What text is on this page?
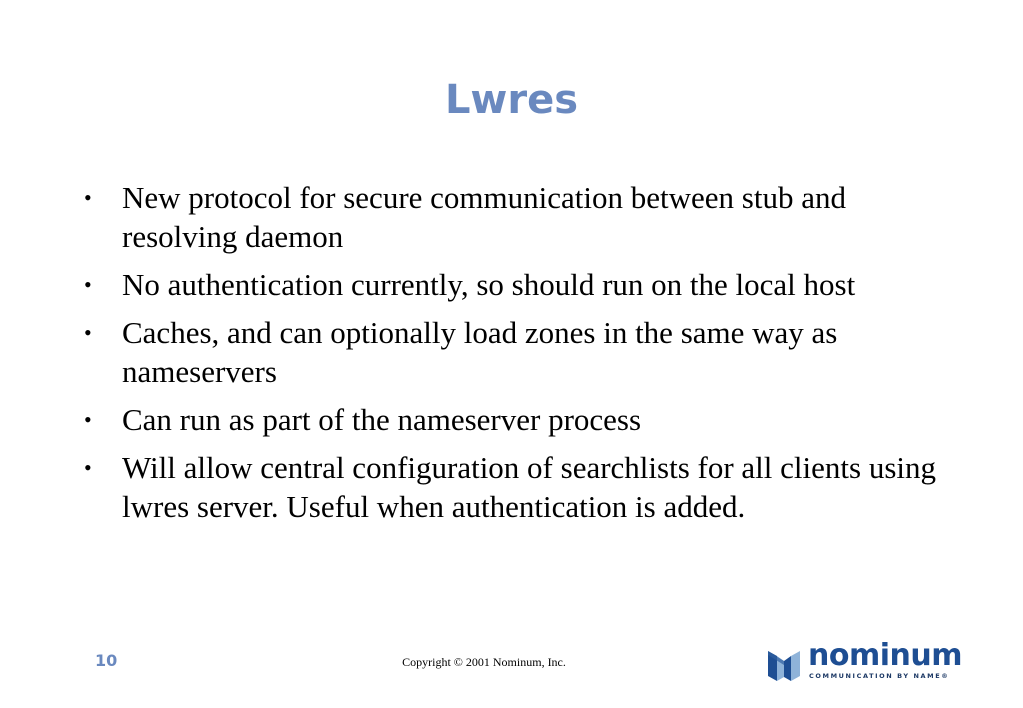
Lwres
• New protocol for secure communication between stub and resolving daemon
• No authentication currently, so should run on the local host
• Caches, and can optionally load zones in the same way as nameservers
• Can run as part of the nameserver process
• Will allow central configuration of searchlists for all clients using lwres server. Useful when authentication is added.
10	Copyright © 2001 Nominum, Inc.	nominum
COMMUNICATION BY NAME®
